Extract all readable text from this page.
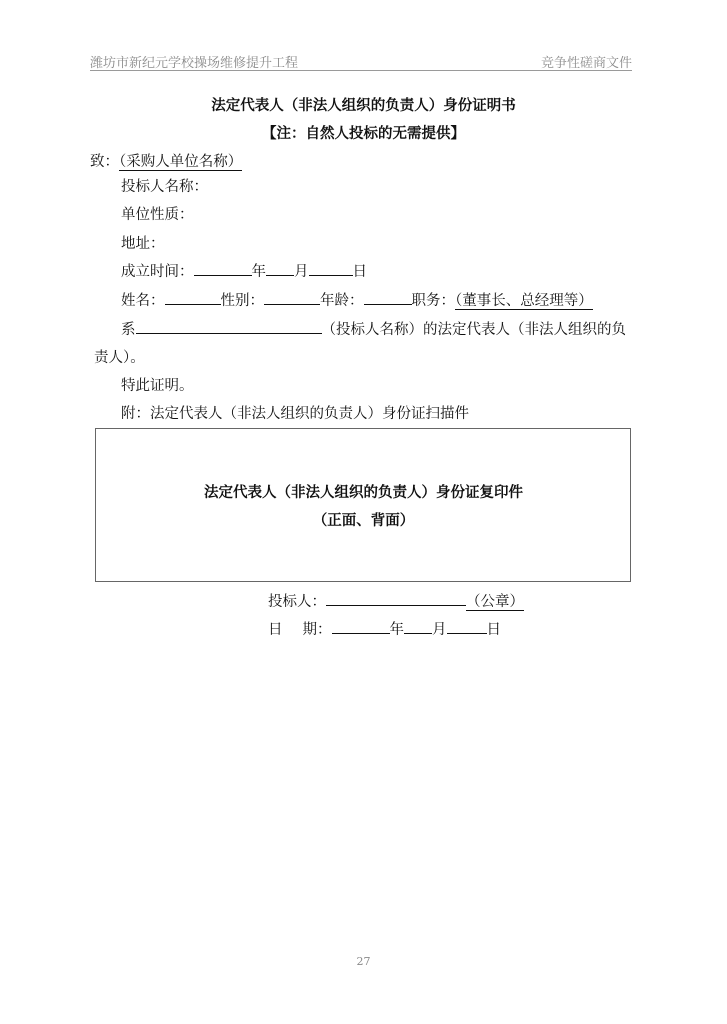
潍坊市新纪元学校操场维修提升工程	竞争性磋商文件
法定代表人（非法人组织的负责人）身份证明书
【注：自然人投标的无需提供】
致：（采购人单位名称）
投标人名称：
单位性质：
地址：
成立时间：	年 月	日
姓名：	性别：	年龄：	职务：（董事长、总经理等）
系	（投标人名称）的法定代表人（非法人组织的负
责人）。
特此证明。
附：法定代表人（非法人组织的负责人）身份证扫描件
法定代表人（非法人组织的负责人）身份证复印件
（正面、背面）
投标人：	（公章）
日 期：	年 月	日
27
